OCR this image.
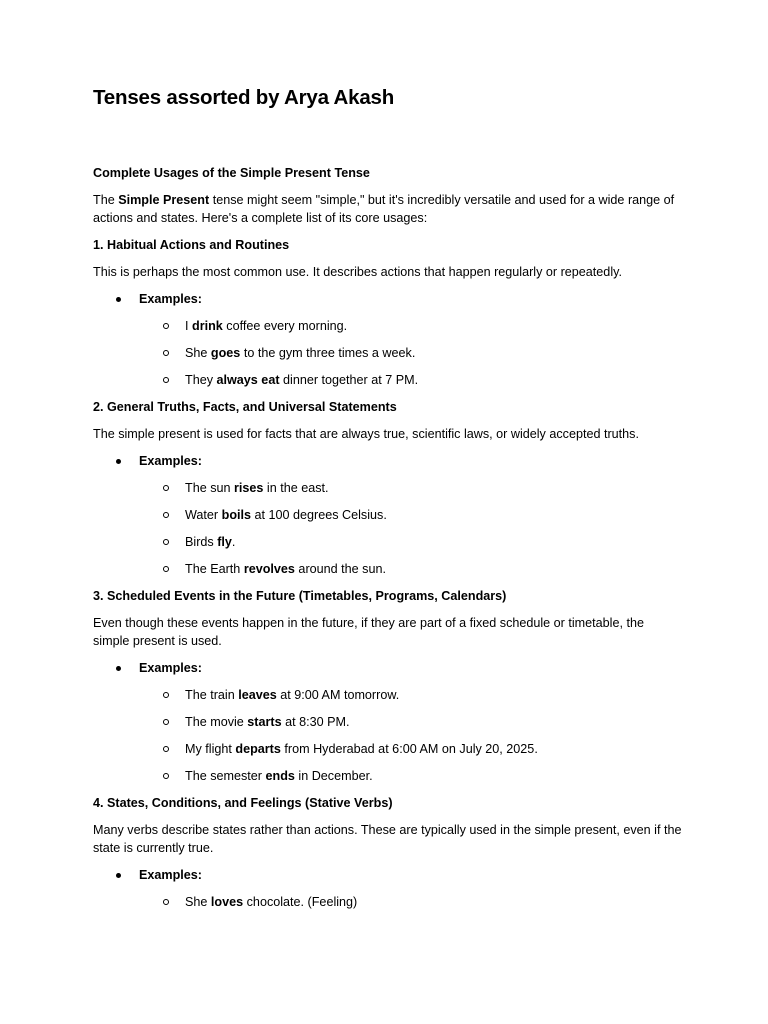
Tenses assorted by Arya Akash

Complete Usages of the Simple Present Tense

The Simple Present tense might seem "simple," but it's incredibly versatile and used for a wide range of actions and states. Here's a complete list of its core usages:

1. Habitual Actions and Routines

This is perhaps the most common use. It describes actions that happen regularly or repeatedly.

Examples:
I drink coffee every morning.
She goes to the gym three times a week.
They always eat dinner together at 7 PM.

2. General Truths, Facts, and Universal Statements

The simple present is used for facts that are always true, scientific laws, or widely accepted truths.

Examples:
The sun rises in the east.
Water boils at 100 degrees Celsius.
Birds fly.
The Earth revolves around the sun.

3. Scheduled Events in the Future (Timetables, Programs, Calendars)

Even though these events happen in the future, if they are part of a fixed schedule or timetable, the simple present is used.

Examples:
The train leaves at 9:00 AM tomorrow.
The movie starts at 8:30 PM.
My flight departs from Hyderabad at 6:00 AM on July 20, 2025.
The semester ends in December.

4. States, Conditions, and Feelings (Stative Verbs)

Many verbs describe states rather than actions. These are typically used in the simple present, even if the state is currently true.

Examples:
She loves chocolate. (Feeling)
